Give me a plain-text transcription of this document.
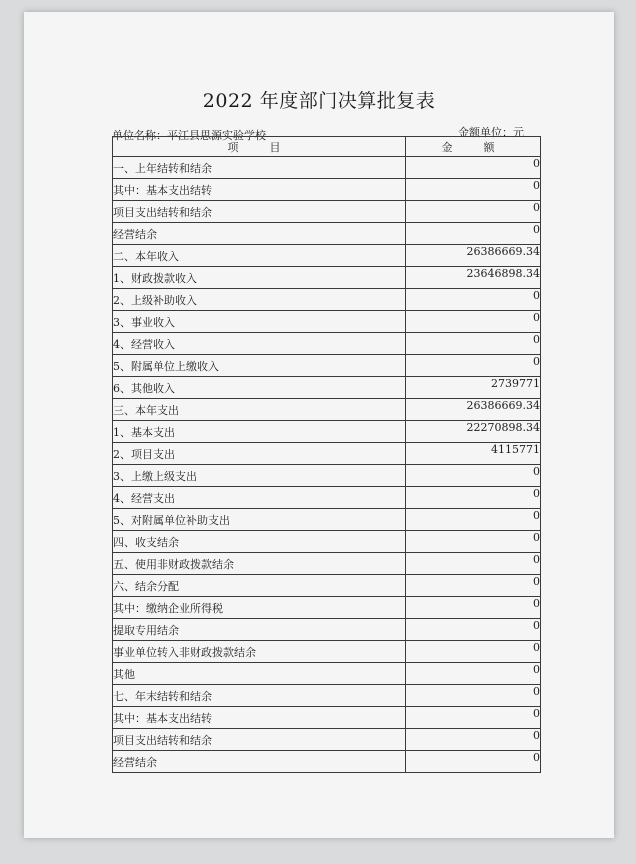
2022 年度部门决算批复表
单位名称：平江县思源实验学校	金额单位：元
项　目	金　额
一、上年结转和结余	0
其中：基本支出结转	0
项目支出结转和结余	0
经营结余	0
二、本年收入	26386669.34
1、财政拨款收入	23646898.34
2、上级补助收入	0
3、事业收入	0
4、经营收入	0
5、附属单位上缴收入	0
6、其他收入	2739771
三、本年支出	26386669.34
1、基本支出	22270898.34
2、项目支出	4115771
3、上缴上级支出	0
4、经营支出	0
5、对附属单位补助支出	0
四、收支结余	0
五、使用非财政拨款结余	0
六、结余分配	0
其中：缴纳企业所得税	0
提取专用结余	0
事业单位转入非财政拨款结余	0
其他	0
七、年末结转和结余	0
其中：基本支出结转	0
项目支出结转和结余	0
经营结余	0
